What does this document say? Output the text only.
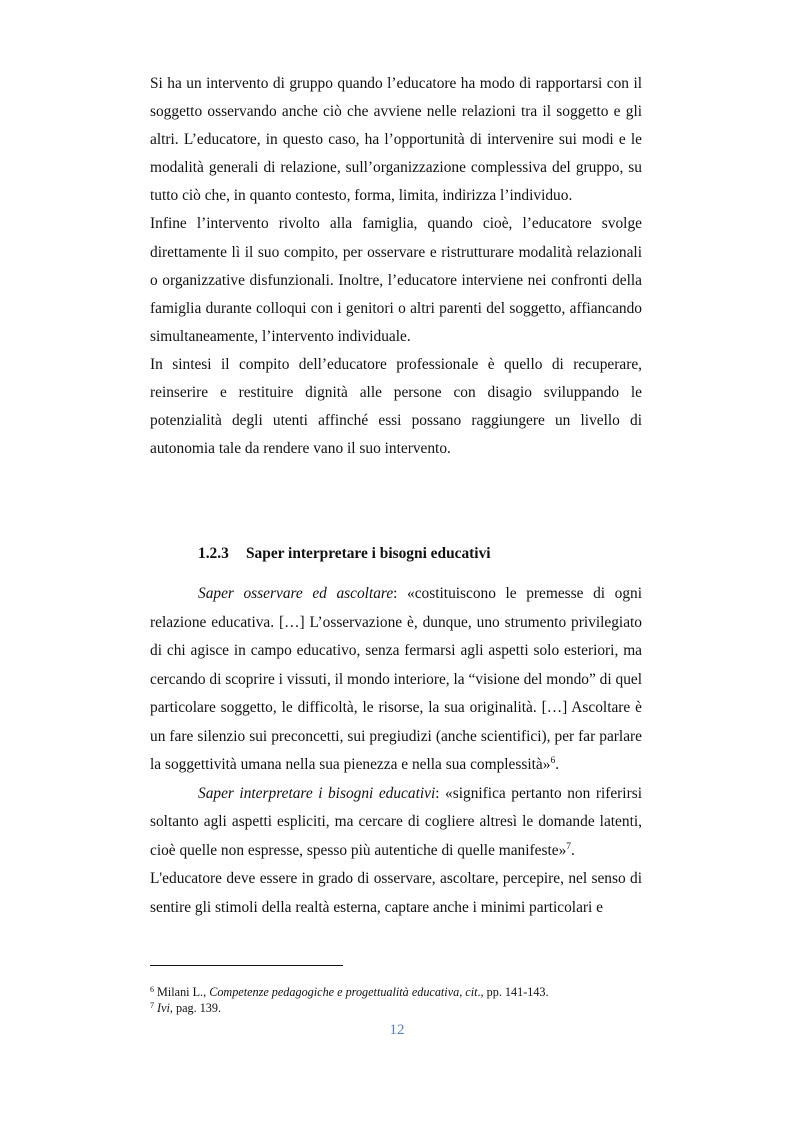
Si ha un intervento di gruppo quando l’educatore ha modo di rapportarsi con il soggetto osservando anche ciò che avviene nelle relazioni tra il soggetto e gli altri. L’educatore, in questo caso, ha l’opportunità di intervenire sui modi e le modalità generali di relazione, sull’organizzazione complessiva del gruppo, su tutto ciò che, in quanto contesto, forma, limita, indirizza l’individuo.

Infine l’intervento rivolto alla famiglia, quando cioè, l’educatore svolge direttamente lì il suo compito, per osservare e ristrutturare modalità relazionali o organizzative disfunzionali. Inoltre, l’educatore interviene nei confronti della famiglia durante colloqui con i genitori o altri parenti del soggetto, affiancando simultaneamente, l’intervento individuale.

In sintesi il compito dell’educatore professionale è quello di recuperare, reinserire e restituire dignità alle persone con disagio sviluppando le potenzialità degli utenti affinché essi possano raggiungere un livello di autonomia tale da rendere vano il suo intervento.

1.2.3 Saper interpretare i bisogni educativi

Saper osservare ed ascoltare: «costituiscono le premesse di ogni relazione educativa. […] L’osservazione è, dunque, uno strumento privilegiato di chi agisce in campo educativo, senza fermarsi agli aspetti solo esteriori, ma cercando di scoprire i vissuti, il mondo interiore, la “visione del mondo” di quel particolare soggetto, le difficoltà, le risorse, la sua originalità. […] Ascoltare è un fare silenzio sui preconcetti, sui pregiudizi (anche scientifici), per far parlare la soggettività umana nella sua pienezza e nella sua complessità»$^6$.

Saper interpretare i bisogni educativi: «significa pertanto non riferirsi soltanto agli aspetti espliciti, ma cercare di cogliere altresì le domande latenti, cioè quelle non espresse, spesso più autentiche di quelle manifeste»$^7$.

L'educatore deve essere in grado di osservare, ascoltare, percepire, nel senso di sentire gli stimoli della realtà esterna, captare anche i minimi particolari e

$^6$ Milani L., Competenze pedagogiche e progettualità educativa, cit., pp. 141-143.

$^7$ Ivi, pag. 139.

12
